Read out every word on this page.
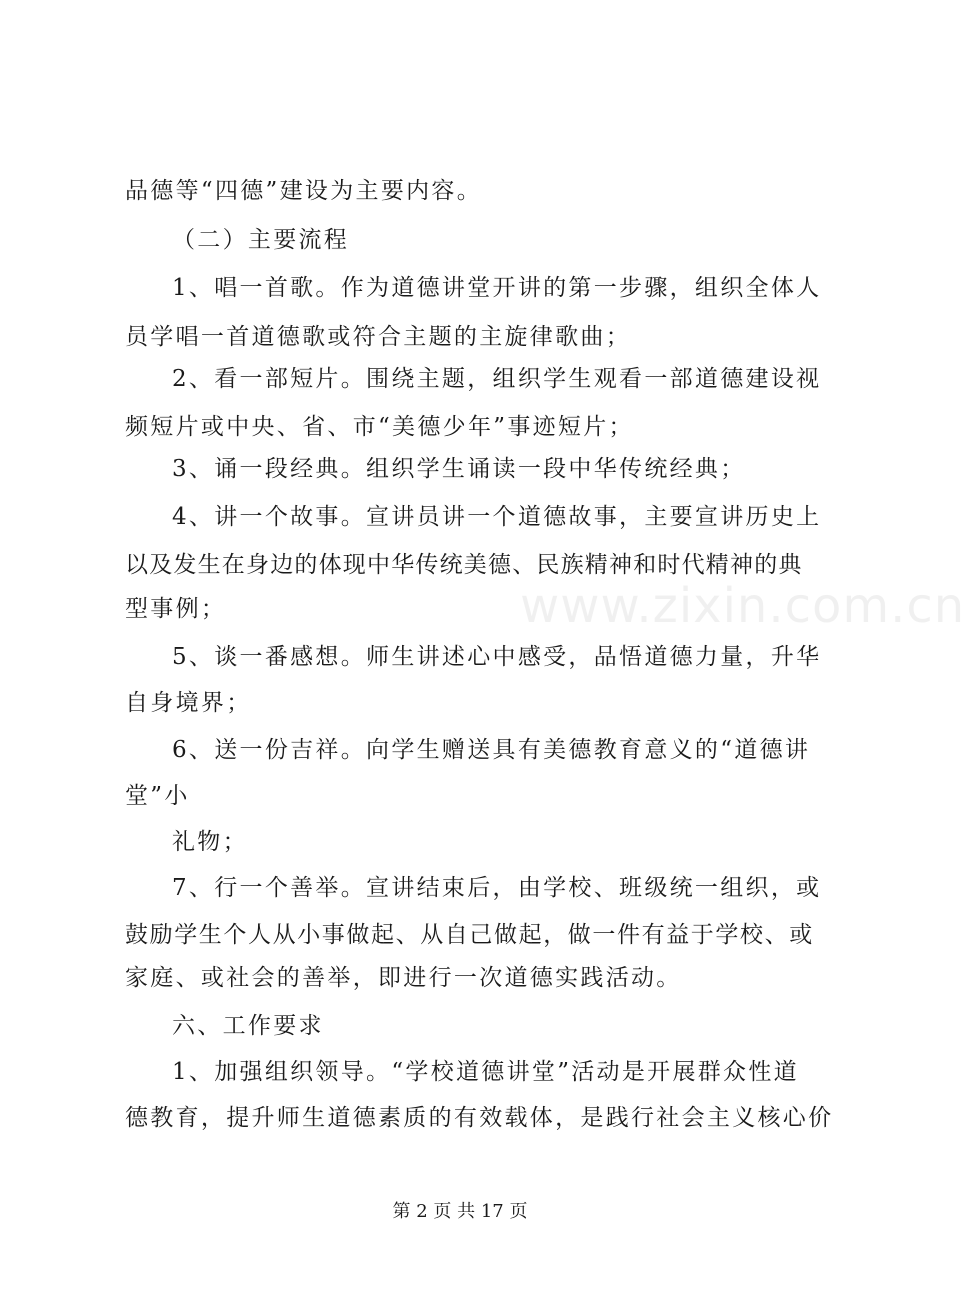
www.zixin.com.cn
品德等“四德”建设为主要内容。
（二）主要流程
1、唱一首歌。作为道德讲堂开讲的第一步骤，组织全体人
员学唱一首道德歌或符合主题的主旋律歌曲；
2、看一部短片。围绕主题，组织学生观看一部道德建设视
频短片或中央、省、市“美德少年”事迹短片；
3、诵一段经典。组织学生诵读一段中华传统经典；
4、讲一个故事。宣讲员讲一个道德故事，主要宣讲历史上
以及发生在身边的体现中华传统美德、民族精神和时代精神的典
型事例；
5、谈一番感想。师生讲述心中感受，品悟道德力量，升华
自身境界；
6、送一份吉祥。向学生赠送具有美德教育意义的“道德讲
堂”小
礼物；
7、行一个善举。宣讲结束后，由学校、班级统一组织，或
鼓励学生个人从小事做起、从自己做起，做一件有益于学校、或
家庭、或社会的善举，即进行一次道德实践活动。
六、工作要求
1、加强组织领导。“学校道德讲堂”活动是开展群众性道
德教育，提升师生道德素质的有效载体，是践行社会主义核心价
第 2 页 共 17 页
